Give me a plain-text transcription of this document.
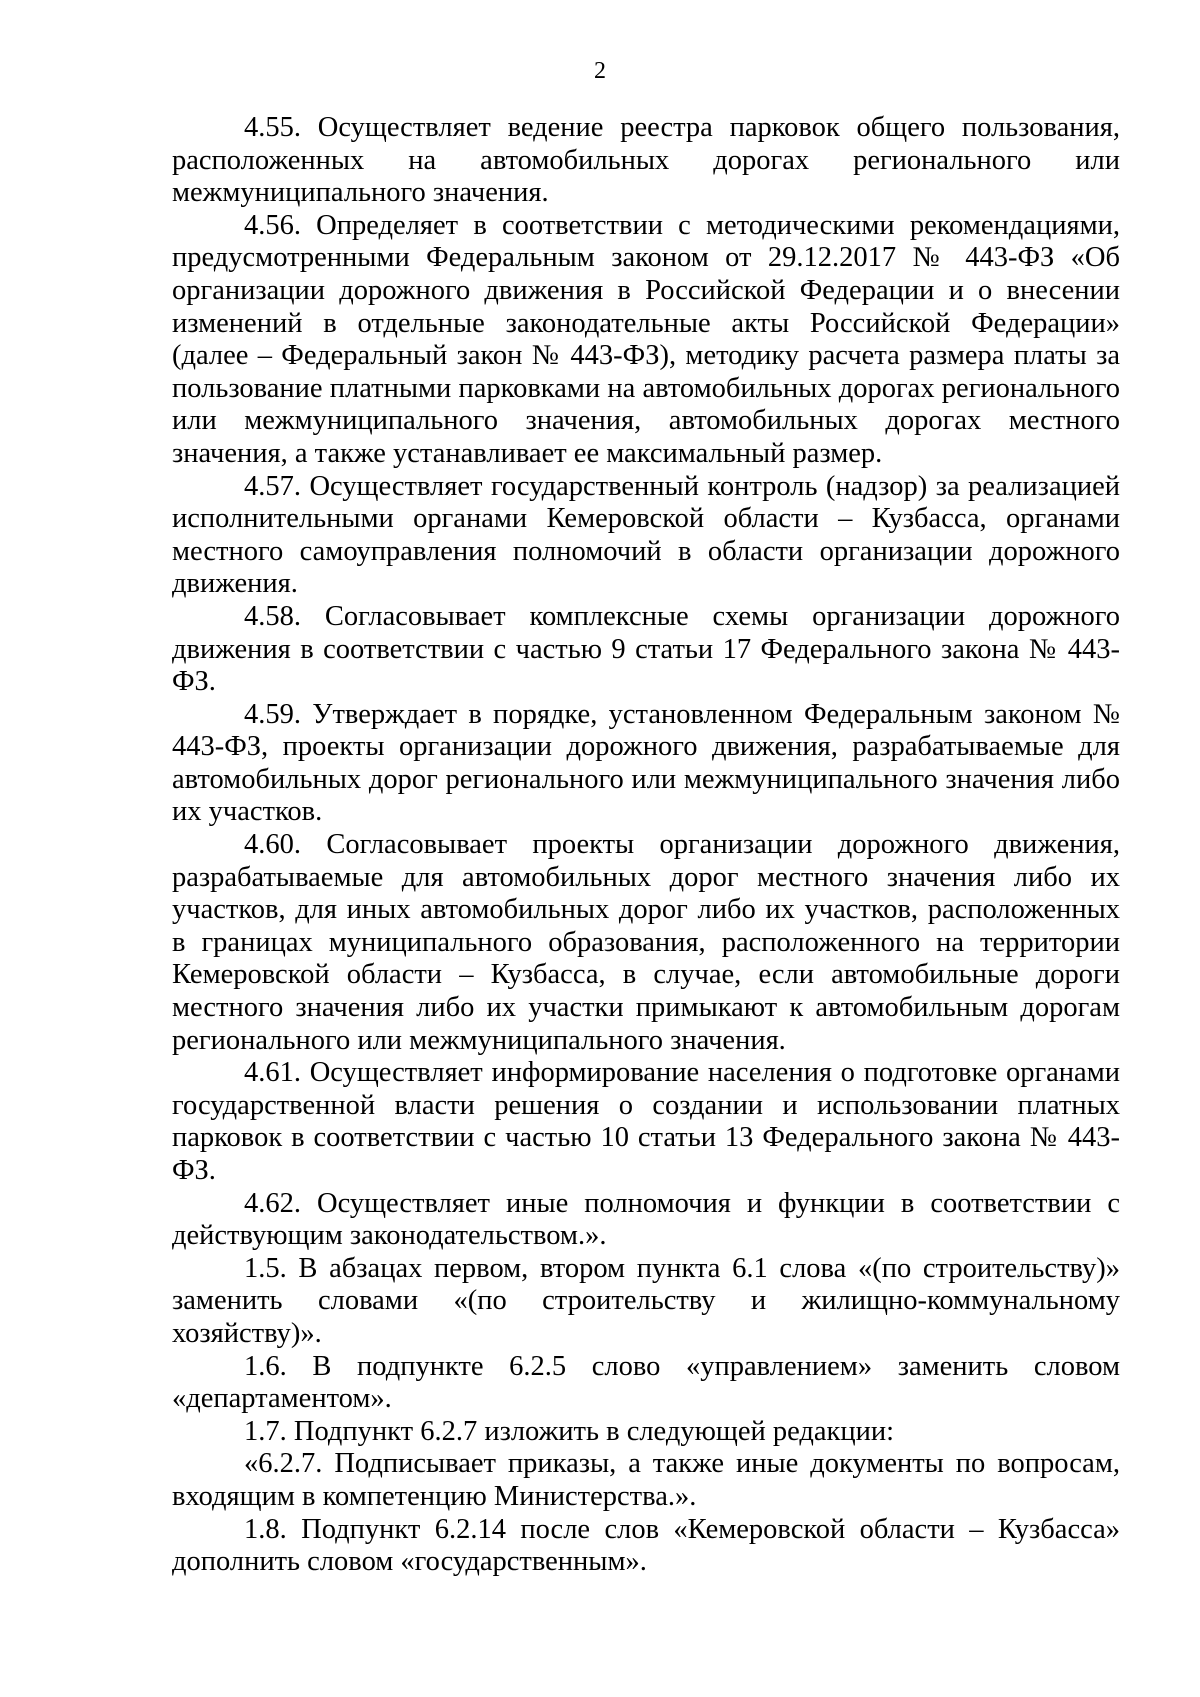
2

4.55. Осуществляет ведение реестра парковок общего пользования, расположенных на автомобильных дорогах регионального или межмуниципального значения.

4.56. Определяет в соответствии с методическими рекомендациями, предусмотренными Федеральным законом от 29.12.2017 № 443-ФЗ «Об организации дорожного движения в Российской Федерации и о внесении изменений в отдельные законодательные акты Российской Федерации» (далее – Федеральный закон № 443-ФЗ), методику расчета размера платы за пользование платными парковками на автомобильных дорогах регионального или межмуниципального значения, автомобильных дорогах местного значения, а также устанавливает ее максимальный размер.

4.57. Осуществляет государственный контроль (надзор) за реализацией исполнительными органами Кемеровской области – Кузбасса, органами местного самоуправления полномочий в области организации дорожного движения.

4.58. Согласовывает комплексные схемы организации дорожного движения в соответствии с частью 9 статьи 17 Федерального закона № 443-ФЗ.

4.59. Утверждает в порядке, установленном Федеральным законом № 443-ФЗ, проекты организации дорожного движения, разрабатываемые для автомобильных дорог регионального или межмуниципального значения либо их участков.

4.60. Согласовывает проекты организации дорожного движения, разрабатываемые для автомобильных дорог местного значения либо их участков, для иных автомобильных дорог либо их участков, расположенных в границах муниципального образования, расположенного на территории Кемеровской области – Кузбасса, в случае, если автомобильные дороги местного значения либо их участки примыкают к автомобильным дорогам регионального или межмуниципального значения.

4.61. Осуществляет информирование населения о подготовке органами государственной власти решения о создании и использовании платных парковок в соответствии с частью 10 статьи 13 Федерального закона № 443-ФЗ.

4.62. Осуществляет иные полномочия и функции в соответствии с действующим законодательством.».

1.5. В абзацах первом, втором пункта 6.1 слова «(по строительству)» заменить словами «(по строительству и жилищно-коммунальному хозяйству)».

1.6. В подпункте 6.2.5 слово «управлением» заменить словом «департаментом».

1.7. Подпункт 6.2.7 изложить в следующей редакции:

«6.2.7. Подписывает приказы, а также иные документы по вопросам, входящим в компетенцию Министерства.».

1.8. Подпункт 6.2.14 после слов «Кемеровской области – Кузбасса» дополнить словом «государственным».
